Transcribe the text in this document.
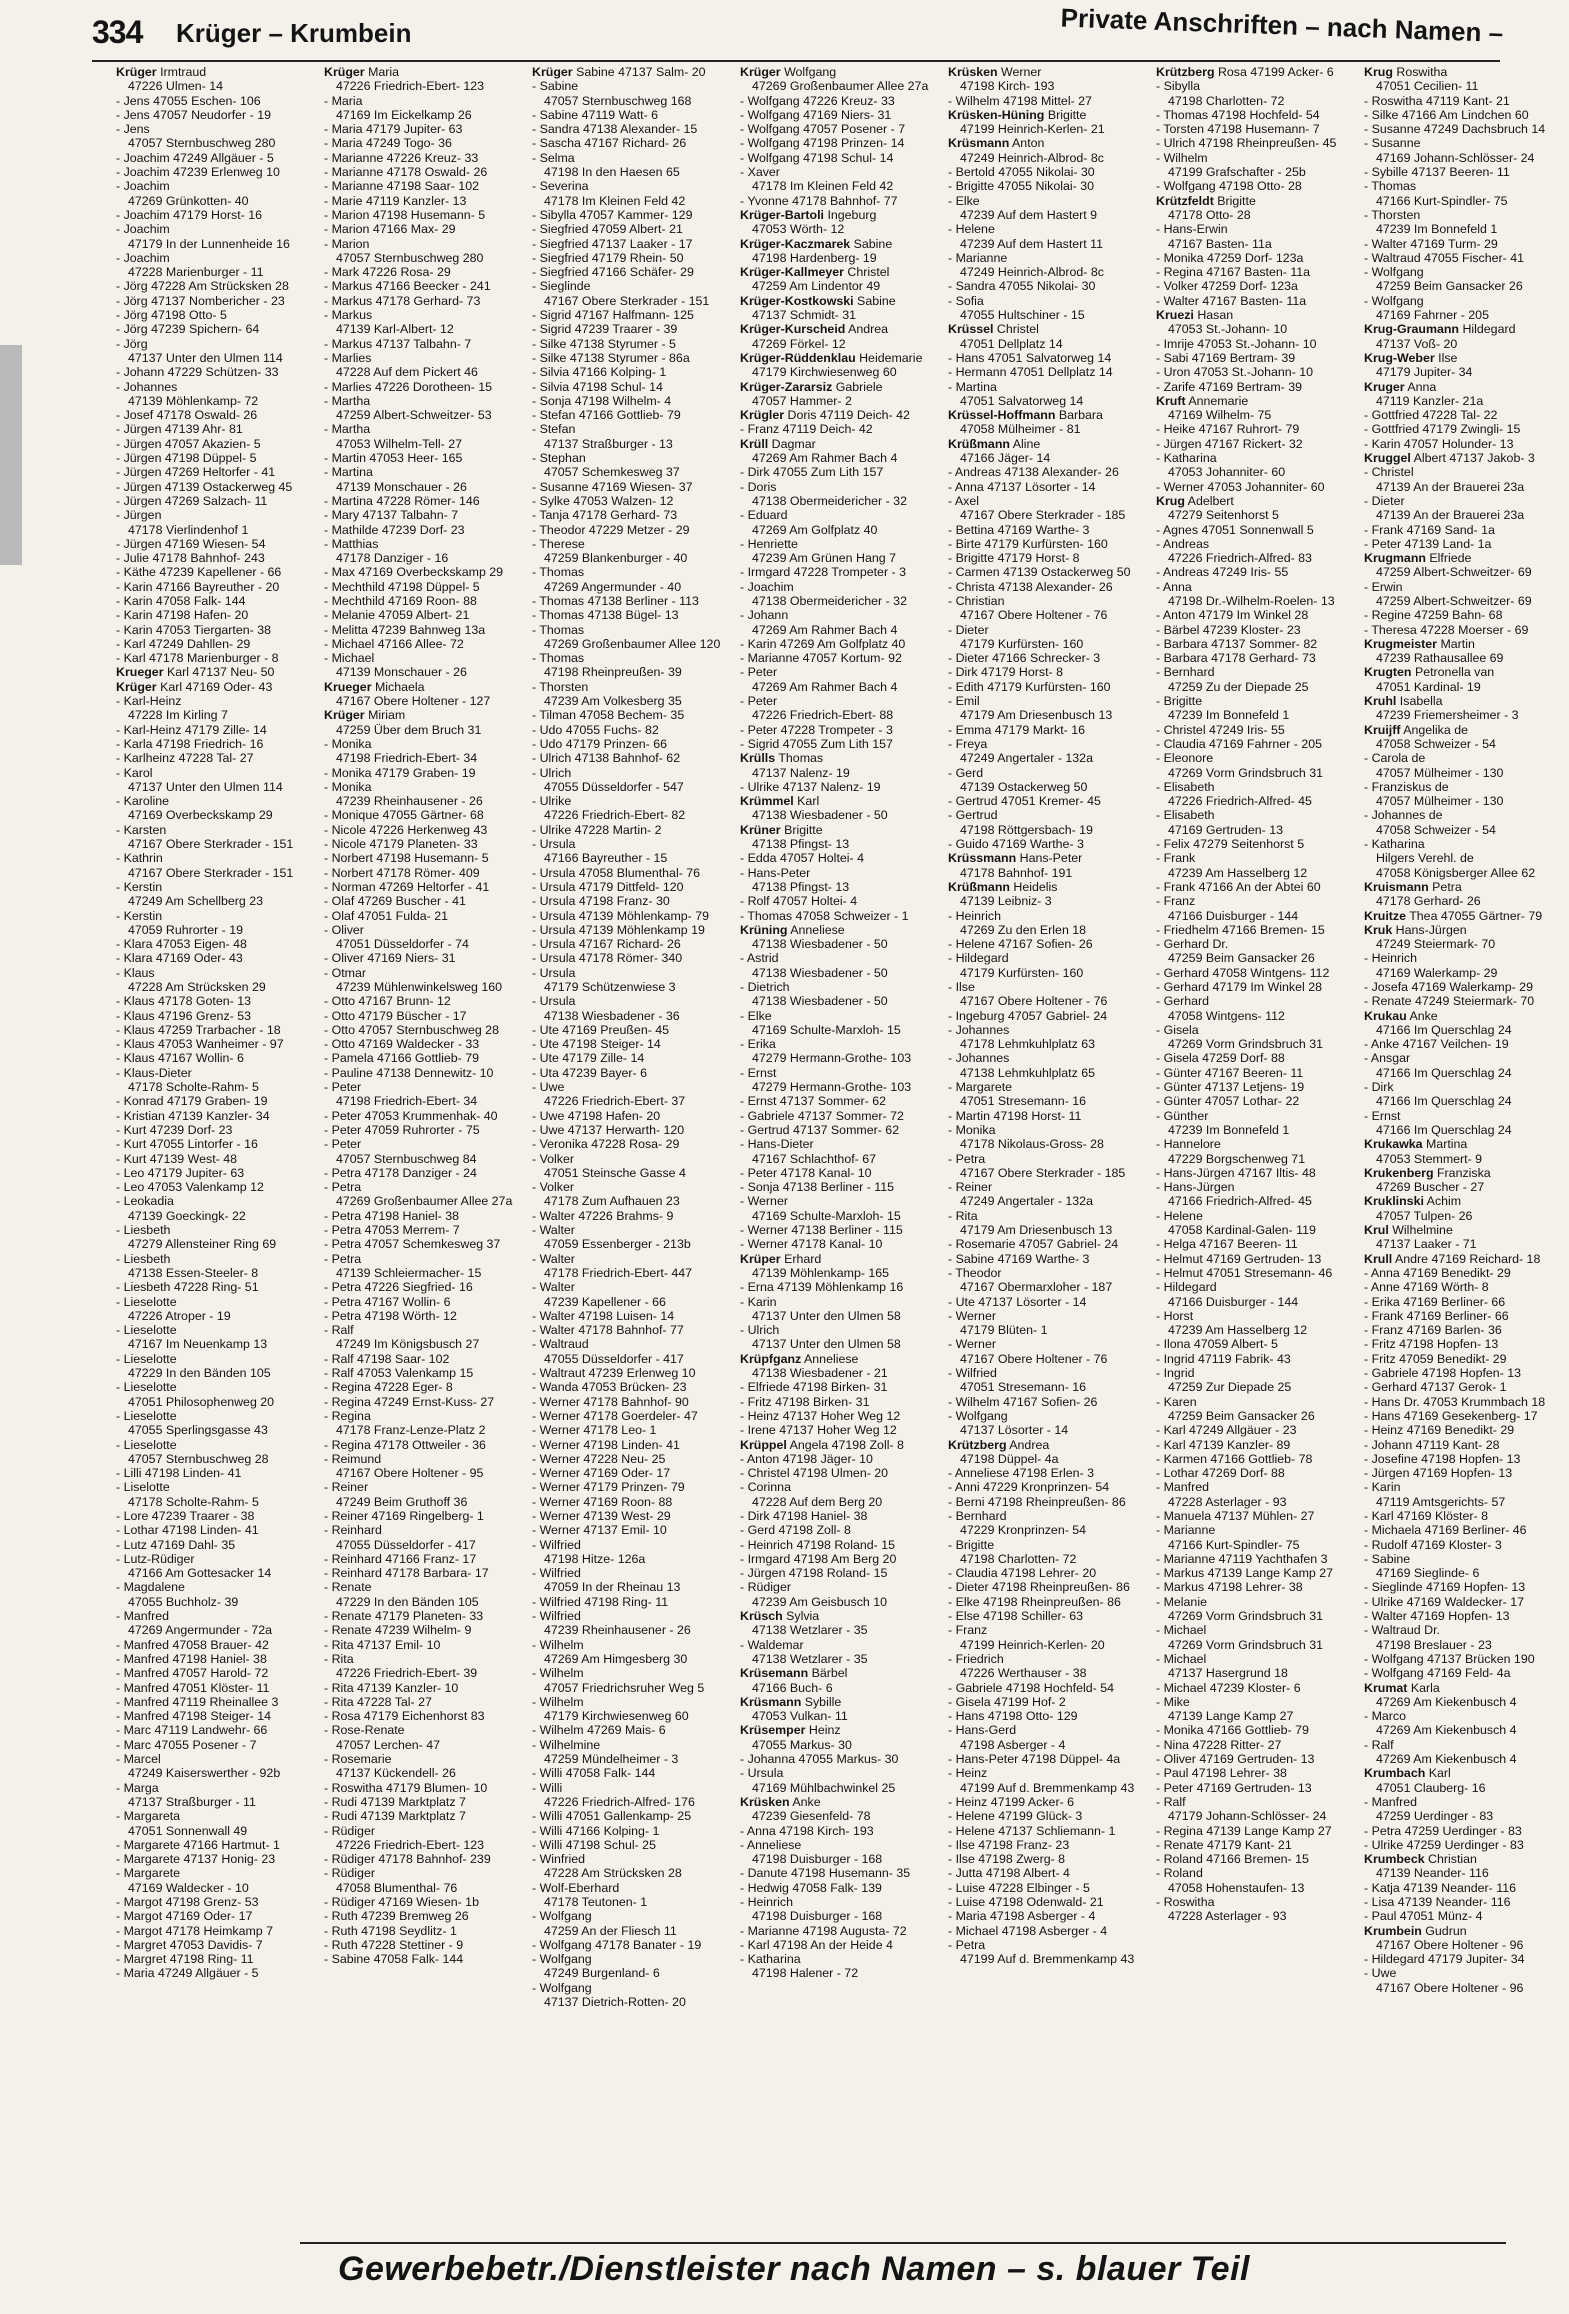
334 Krüger – Krumbein	Private Anschriften – nach Namen –
Krüger Irmtraud
47226 Ulmen- 14
- Jens 47055 Eschen- 106
- Jens 47057 Neudorfer - 19
- Jens
47057 Sternbuschweg 280
- Joachim 47249 Allgäuer - 5
- Joachim 47239 Erlenweg 10
- Joachim
47269 Grünkotten- 40
- Joachim 47179 Horst- 16
- Joachim
47179 In der Lunnenheide 16
- Joachim
47228 Marienburger - 11
- Jörg 47228 Am Strücksken 28
- Jörg 47137 Nombericher - 23
- Jörg 47198 Otto- 5
- Jörg 47239 Spichern- 64
- Jörg
47137 Unter den Ulmen 114
- Johann 47229 Schützen- 33
- Johannes
47139 Möhlenkamp- 72
- Josef 47178 Oswald- 26
- Jürgen 47139 Ahr- 81
- Jürgen 47057 Akazien- 5
- Jürgen 47198 Düppel- 5
- Jürgen 47269 Heltorfer - 41
- Jürgen 47139 Ostackerweg 45
- Jürgen 47269 Salzach- 11
- Jürgen
47178 Vierlindenhof 1
- Jürgen 47169 Wiesen- 54
- Julie 47178 Bahnhof- 243
- Käthe 47239 Kapellener - 66
- Karin 47166 Bayreuther - 20
- Karin 47058 Falk- 144
- Karin 47198 Hafen- 20
- Karin 47053 Tiergarten- 38
- Karl 47249 Dahllen- 29
- Karl 47178 Marienburger - 8
Krueger Karl 47137 Neu- 50
Krüger Karl 47169 Oder- 43
- Karl-Heinz
47228 Im Kirling 7
- Karl-Heinz 47179 Zille- 14
- Karla 47198 Friedrich- 16
- Karlheinz 47228 Tal- 27
- Karol
47137 Unter den Ulmen 114
- Karoline
47169 Overbeckskamp 29
- Karsten
47167 Obere Sterkrader - 151
- Kathrin
47167 Obere Sterkrader - 151
- Kerstin
47249 Am Schellberg 23
- Kerstin
47059 Ruhrorter - 19
- Klara 47053 Eigen- 48
- Klara 47169 Oder- 43
- Klaus
47228 Am Strücksken 29
- Klaus 47178 Goten- 13
- Klaus 47196 Grenz- 53
- Klaus 47259 Trarbacher - 18
- Klaus 47053 Wanheimer - 97
- Klaus 47167 Wollin- 6
- Klaus-Dieter
47178 Scholte-Rahm- 5
- Konrad 47179 Graben- 19
- Kristian 47139 Kanzler- 34
- Kurt 47239 Dorf- 23
- Kurt 47055 Lintorfer - 16
- Kurt 47139 West- 48
- Leo 47179 Jupiter- 63
- Leo 47053 Valenkamp 12
- Leokadia
47139 Goeckingk- 22
- Liesbeth
47279 Allensteiner Ring 69
- Liesbeth
47138 Essen-Steeler- 8
- Liesbeth 47228 Ring- 51
- Lieselotte
47226 Atroper - 19
- Lieselotte
47167 Im Neuenkamp 13
- Lieselotte
47229 In den Bänden 105
- Lieselotte
47051 Philosophenweg 20
- Lieselotte
47055 Sperlingsgasse 43
- Lieselotte
47057 Sternbuschweg 28
- Lilli 47198 Linden- 41
- Liselotte
47178 Scholte-Rahm- 5
- Lore 47239 Traarer - 38
- Lothar 47198 Linden- 41
- Lutz 47169 Dahl- 35
- Lutz-Rüdiger
47166 Am Gottesacker 14
- Magdalene
47055 Buchholz- 39
- Manfred
47269 Angermunder - 72a
- Manfred 47058 Brauer- 42
- Manfred 47198 Haniel- 38
- Manfred 47057 Harold- 72
- Manfred 47051 Klöster- 11
- Manfred 47119 Rheinallee 3
- Manfred 47198 Steiger- 14
- Marc 47119 Landwehr- 66
- Marc 47055 Posener - 7
- Marcel
47249 Kaiserswerther - 92b
- Marga
47137 Straßburger - 11
- Margareta
47051 Sonnenwall 49
- Margarete 47166 Hartmut- 1
- Margarete 47137 Honig- 23
- Margarete
47169 Waldecker - 10
- Margot 47198 Grenz- 53
- Margot 47169 Oder- 17
- Margot 47178 Heimkamp 7
- Margret 47053 Davidis- 7
- Margret 47198 Ring- 11
- Maria 47249 Allgäuer - 5
Krüger Maria
47226 Friedrich-Ebert- 123
- Maria
47169 Im Eickelkamp 26
- Maria 47179 Jupiter- 63
- Maria 47249 Togo- 36
- Marianne 47226 Kreuz- 33
- Marianne 47178 Oswald- 26
- Marianne 47198 Saar- 102
- Marie 47119 Kanzler- 13
- Marion 47198 Husemann- 5
- Marion 47166 Max- 29
- Marion
47057 Sternbuschweg 280
- Mark 47226 Rosa- 29
- Markus 47166 Beecker - 241
- Markus 47178 Gerhard- 73
- Markus
47139 Karl-Albert- 12
- Markus 47137 Talbahn- 7
- Marlies
47228 Auf dem Pickert 46
- Marlies 47226 Dorotheen- 15
- Martha
47259 Albert-Schweitzer- 53
- Martha
47053 Wilhelm-Tell- 27
- Martin 47053 Heer- 165
- Martina
47139 Monschauer - 26
- Martina 47228 Römer- 146
- Mary 47137 Talbahn- 7
- Mathilde 47239 Dorf- 23
- Matthias
47178 Danziger - 16
- Max 47169 Overbeckskamp 29
- Mechthild 47198 Düppel- 5
- Mechthild 47169 Roon- 88
- Melanie 47059 Albert- 21
- Melitta 47239 Bahnweg 13a
- Michael 47166 Allee- 72
- Michael
47139 Monschauer - 26
Krueger Michaela
47167 Obere Holtener - 127
Krüger Miriam
47259 Über dem Bruch 31
- Monika
47198 Friedrich-Ebert- 34
- Monika 47179 Graben- 19
- Monika
47239 Rheinhausener - 26
- Monique 47055 Gärtner- 68
- Nicole 47226 Herkenweg 43
- Nicole 47179 Planeten- 33
- Norbert 47198 Husemann- 5
- Norbert 47178 Römer- 409
- Norman 47269 Heltorfer - 41
- Olaf 47269 Buscher - 41
- Olaf 47051 Fulda- 21
- Oliver
47051 Düsseldorfer - 74
- Oliver 47169 Niers- 31
- Otmar
47239 Mühlenwinkelsweg 160
- Otto 47167 Brunn- 12
- Otto 47179 Büscher - 17
- Otto 47057 Sternbuschweg 28
- Otto 47169 Waldecker - 33
- Pamela 47166 Gottlieb- 79
- Pauline 47138 Dennewitz- 10
- Peter
47198 Friedrich-Ebert- 34
- Peter 47053 Krummenhak- 40
- Peter 47059 Ruhrorter - 75
- Peter
47057 Sternbuschweg 84
- Petra 47178 Danziger - 24
- Petra
47269 Großenbaumer Allee 27a
- Petra 47198 Haniel- 38
- Petra 47053 Merrem- 7
- Petra 47057 Schemkesweg 37
- Petra
47139 Schleiermacher- 15
- Petra 47226 Siegfried- 16
- Petra 47167 Wollin- 6
- Petra 47198 Wörth- 12
- Ralf
47249 Im Königsbusch 27
- Ralf 47198 Saar- 102
- Ralf 47053 Valenkamp 15
- Regina 47228 Eger- 8
- Regina 47249 Ernst-Kuss- 27
- Regina
47178 Franz-Lenze-Platz 2
- Regina 47178 Ottweiler - 36
- Reimund
47167 Obere Holtener - 95
- Reiner
47249 Beim Gruthoff 36
- Reiner 47169 Ringelberg- 1
- Reinhard
47055 Düsseldorfer - 417
- Reinhard 47166 Franz- 17
- Reinhard 47178 Barbara- 17
- Renate
47229 In den Bänden 105
- Renate 47179 Planeten- 33
- Renate 47239 Wilhelm- 9
- Rita 47137 Emil- 10
- Rita
47226 Friedrich-Ebert- 39
- Rita 47139 Kanzler- 10
- Rita 47228 Tal- 27
- Rosa 47179 Eichenhorst 83
- Rose-Renate
47057 Lerchen- 47
- Rosemarie
47137 Kückendell- 26
- Roswitha 47179 Blumen- 10
- Rudi 47139 Marktplatz 7
- Rudi 47139 Marktplatz 7
- Rüdiger
47226 Friedrich-Ebert- 123
- Rüdiger 47178 Bahnhof- 239
- Rüdiger
47058 Blumenthal- 76
- Rüdiger 47169 Wiesen- 1b
- Ruth 47239 Bremweg 26
- Ruth 47198 Seydlitz- 1
- Ruth 47228 Stettiner - 9
- Sabine 47058 Falk- 144
Krüger Sabine 47137 Salm- 20
- Sabine
47057 Sternbuschweg 168
- Sabine 47119 Watt- 6
- Sandra 47138 Alexander- 15
- Sascha 47167 Richard- 26
- Selma
47198 In den Haesen 65
- Severina
47178 Im Kleinen Feld 42
- Sibylla 47057 Kammer- 129
- Siegfried 47059 Albert- 21
- Siegfried 47137 Laaker - 17
- Siegfried 47179 Rhein- 50
- Siegfried 47166 Schäfer- 29
- Sieglinde
47167 Obere Sterkrader - 151
- Sigrid 47167 Halfmann- 125
- Sigrid 47239 Traarer - 39
- Silke 47138 Styrumer - 5
- Silke 47138 Styrumer - 86a
- Silvia 47166 Kolping- 1
- Silvia 47198 Schul- 14
- Sonja 47198 Wilhelm- 4
- Stefan 47166 Gottlieb- 79
- Stefan
47137 Straßburger - 13
- Stephan
47057 Schemkesweg 37
- Susanne 47169 Wiesen- 37
- Sylke 47053 Walzen- 12
- Tanja 47178 Gerhard- 73
- Theodor 47229 Metzer - 29
- Therese
47259 Blankenburger - 40
- Thomas
47269 Angermunder - 40
- Thomas 47138 Berliner - 113
- Thomas 47138 Bügel- 13
- Thomas
47269 Großenbaumer Allee 120
- Thomas
47198 Rheinpreußen- 39
- Thorsten
47239 Am Volkesberg 35
- Tilman 47058 Bechem- 35
- Udo 47055 Fuchs- 82
- Udo 47179 Prinzen- 66
- Ulrich 47138 Bahnhof- 62
- Ulrich
47055 Düsseldorfer - 547
- Ulrike
47226 Friedrich-Ebert- 82
- Ulrike 47228 Martin- 2
- Ursula
47166 Bayreuther - 15
- Ursula 47058 Blumenthal- 76
- Ursula 47179 Dittfeld- 120
- Ursula 47198 Franz- 30
- Ursula 47139 Möhlenkamp- 79
- Ursula 47139 Möhlenkamp 19
- Ursula 47167 Richard- 26
- Ursula 47178 Römer- 340
- Ursula
47179 Schützenwiese 3
- Ursula
47138 Wiesbadener - 36
- Ute 47169 Preußen- 45
- Ute 47198 Steiger- 14
- Ute 47179 Zille- 14
- Uta 47239 Bayer- 6
- Uwe
47226 Friedrich-Ebert- 37
- Uwe 47198 Hafen- 20
- Uwe 47137 Herwarth- 120
- Veronika 47228 Rosa- 29
- Volker
47051 Steinsche Gasse 4
- Volker
47178 Zum Aufhauen 23
- Walter 47226 Brahms- 9
- Walter
47059 Essenberger - 213b
- Walter
47178 Friedrich-Ebert- 447
- Walter
47239 Kapellener - 66
- Walter 47198 Luisen- 14
- Walter 47178 Bahnhof- 77
- Waltraud
47055 Düsseldorfer - 417
- Waltraut 47239 Erlenweg 10
- Wanda 47053 Brücken- 23
- Werner 47178 Bahnhof- 90
- Werner 47178 Goerdeler- 47
- Werner 47178 Leo- 1
- Werner 47198 Linden- 41
- Werner 47228 Neu- 25
- Werner 47169 Oder- 17
- Werner 47179 Prinzen- 79
- Werner 47169 Roon- 88
- Werner 47139 West- 29
- Werner 47137 Emil- 10
- Wilfried
47198 Hitze- 126a
- Wilfried
47059 In der Rheinau 13
- Wilfried 47198 Ring- 11
- Wilfried
47239 Rheinhausener - 26
- Wilhelm
47269 Am Himgesberg 30
- Wilhelm
47057 Friedrichsruher Weg 5
- Wilhelm
47179 Kirchwiesenweg 60
- Wilhelm 47269 Mais- 6
- Wilhelmine
47259 Mündelheimer - 3
- Willi 47058 Falk- 144
- Willi
47226 Friedrich-Alfred- 176
- Willi 47051 Gallenkamp- 25
- Willi 47166 Kolping- 1
- Willi 47198 Schul- 25
- Winfried
47228 Am Strücksken 28
- Wolf-Eberhard
47178 Teutonen- 1
- Wolfgang
47259 An der Fliesch 11
- Wolfgang 47178 Banater - 19
- Wolfgang
47249 Burgenland- 6
- Wolfgang
47137 Dietrich-Rotten- 20
Krüger Wolfgang
47269 Großenbaumer Allee 27a
- Wolfgang 47226 Kreuz- 33
- Wolfgang 47169 Niers- 31
- Wolfgang 47057 Posener - 7
- Wolfgang 47198 Prinzen- 14
- Wolfgang 47198 Schul- 14
- Xaver
47178 Im Kleinen Feld 42
- Yvonne 47178 Bahnhof- 77
Krüger-Bartoli Ingeburg
47053 Wörth- 12
Krüger-Kaczmarek Sabine
47198 Hardenberg- 19
Krüger-Kallmeyer Christel
47259 Am Lindentor 49
Krüger-Kostkowski Sabine
47137 Schmidt- 31
Krüger-Kurscheid Andrea
47269 Förkel- 12
Krüger-Rüddenklau Heidemarie
47179 Kirchwiesenweg 60
Krüger-Zararsiz Gabriele
47057 Hammer- 2
Krügler Doris 47119 Deich- 42
- Franz 47119 Deich- 42
Krüll Dagmar
47269 Am Rahmer Bach 4
- Dirk 47055 Zum Lith 157
- Doris
47138 Obermeidericher - 32
- Eduard
47269 Am Golfplatz 40
- Henriette
47239 Am Grünen Hang 7
- Irmgard 47228 Trompeter - 3
- Joachim
47138 Obermeidericher - 32
- Johann
47269 Am Rahmer Bach 4
- Karin 47269 Am Golfplatz 40
- Marianne 47057 Kortum- 92
- Peter
47269 Am Rahmer Bach 4
- Peter
47226 Friedrich-Ebert- 88
- Peter 47228 Trompeter - 3
- Sigrid 47055 Zum Lith 157
Krülls Thomas
47137 Nalenz- 19
- Ulrike 47137 Nalenz- 19
Krümmel Karl
47138 Wiesbadener - 50
Krüner Brigitte
47138 Pfingst- 13
- Edda 47057 Holtei- 4
- Hans-Peter
47138 Pfingst- 13
- Rolf 47057 Holtei- 4
- Thomas 47058 Schweizer - 1
Krüning Anneliese
47138 Wiesbadener - 50
- Astrid
47138 Wiesbadener - 50
- Dietrich
47138 Wiesbadener - 50
- Elke
47169 Schulte-Marxloh- 15
- Erika
47279 Hermann-Grothe- 103
- Ernst
47279 Hermann-Grothe- 103
- Ernst 47137 Sommer- 62
- Gabriele 47137 Sommer- 72
- Gertrud 47137 Sommer- 62
- Hans-Dieter
47167 Schlachthof- 67
- Peter 47178 Kanal- 10
- Sonja 47138 Berliner - 115
- Werner
47169 Schulte-Marxloh- 15
- Werner 47138 Berliner - 115
- Werner 47178 Kanal- 10
Krüper Erhard
47139 Möhlenkamp- 165
- Erna 47139 Möhlenkamp 16
- Karin
47137 Unter den Ulmen 58
- Ulrich
47137 Unter den Ulmen 58
Krüpfganz Anneliese
47138 Wiesbadener - 21
- Elfriede 47198 Birken- 31
- Fritz 47198 Birken- 31
- Heinz 47137 Hoher Weg 12
- Irene 47137 Hoher Weg 12
Krüppel Angela 47198 Zoll- 8
- Anton 47198 Jäger- 10
- Christel 47198 Ulmen- 20
- Corinna
47228 Auf dem Berg 20
- Dirk 47198 Haniel- 38
- Gerd 47198 Zoll- 8
- Heinrich 47198 Roland- 15
- Irmgard 47198 Am Berg 20
- Jürgen 47198 Roland- 15
- Rüdiger
47239 Am Geisbusch 10
Krüsch Sylvia
47138 Wetzlarer - 35
- Waldemar
47138 Wetzlarer - 35
Krüsemann Bärbel
47166 Buch- 6
Krüsmann Sybille
47053 Vulkan- 11
Krüsemper Heinz
47055 Markus- 30
- Johanna 47055 Markus- 30
- Ursula
47169 Mühlbachwinkel 25
Krüsken Anke
47239 Giesenfeld- 78
- Anna 47198 Kirch- 193
- Anneliese
47198 Duisburger - 168
- Danute 47198 Husemann- 35
- Hedwig 47058 Falk- 139
- Heinrich
47198 Duisburger - 168
- Marianne 47198 Augusta- 72
- Karl 47198 An der Heide 4
- Katharina
47198 Halener - 72
Krüsken Werner
47198 Kirch- 193
- Wilhelm 47198 Mittel- 27
Krüsken-Hüning Brigitte
47199 Heinrich-Kerlen- 21
Krüsmann Anton
47249 Heinrich-Albrod- 8c
- Bertold 47055 Nikolai- 30
- Brigitte 47055 Nikolai- 30
- Elke
47239 Auf dem Hastert 9
- Helene
47239 Auf dem Hastert 11
- Marianne
47249 Heinrich-Albrod- 8c
- Sandra 47055 Nikolai- 30
- Sofia
47055 Hultschiner - 15
Krüssel Christel
47051 Dellplatz 14
- Hans 47051 Salvatorweg 14
- Hermann 47051 Dellplatz 14
- Martina
47051 Salvatorweg 14
Krüssel-Hoffmann Barbara
47058 Mülheimer - 81
Krüßmann Aline
47166 Jäger- 14
- Andreas 47138 Alexander- 26
- Anna 47137 Lösorter - 14
- Axel
47167 Obere Sterkrader - 185
- Bettina 47169 Warthe- 3
- Birte 47179 Kurfürsten- 160
- Brigitte 47179 Horst- 8
- Carmen 47139 Ostackerweg 50
- Christa 47138 Alexander- 26
- Christian
47167 Obere Holtener - 76
- Dieter
47179 Kurfürsten- 160
- Dieter 47166 Schrecker- 3
- Dirk 47179 Horst- 8
- Edith 47179 Kurfürsten- 160
- Emil
47179 Am Driesenbusch 13
- Emma 47179 Markt- 16
- Freya
47249 Angertaler - 132a
- Gerd
47139 Ostackerweg 50
- Gertrud 47051 Kremer- 45
- Gertrud
47198 Röttgersbach- 19
- Guido 47169 Warthe- 3
Krüssmann Hans-Peter
47178 Bahnhof- 191
Krüßmann Heidelis
47139 Leibniz- 3
- Heinrich
47269 Zu den Erlen 18
- Helene 47167 Sofien- 26
- Hildegard
47179 Kurfürsten- 160
- Ilse
47167 Obere Holtener - 76
- Ingeburg 47057 Gabriel- 24
- Johannes
47178 Lehmkuhlplatz 63
- Johannes
47138 Lehmkuhlplatz 65
- Margarete
47051 Stresemann- 16
- Martin 47198 Horst- 11
- Monika
47178 Nikolaus-Gross- 28
- Petra
47167 Obere Sterkrader - 185
- Reiner
47249 Angertaler - 132a
- Rita
47179 Am Driesenbusch 13
- Rosemarie 47057 Gabriel- 24
- Sabine 47169 Warthe- 3
- Theodor
47167 Obermarxloher - 187
- Ute 47137 Lösorter - 14
- Werner
47179 Blüten- 1
- Werner
47167 Obere Holtener - 76
- Wilfried
47051 Stresemann- 16
- Wilhelm 47167 Sofien- 26
- Wolfgang
47137 Lösorter - 14
Krützberg Andrea
47198 Düppel- 4a
- Anneliese 47198 Erlen- 3
- Anni 47229 Kronprinzen- 54
- Berni 47198 Rheinpreußen- 86
- Bernhard
47229 Kronprinzen- 54
- Brigitte
47198 Charlotten- 72
- Claudia 47198 Lehrer- 20
- Dieter 47198 Rheinpreußen- 86
- Elke 47198 Rheinpreußen- 86
- Else 47198 Schiller- 63
- Franz
47199 Heinrich-Kerlen- 20
- Friedrich
47226 Werthauser - 38
- Gabriele 47198 Hochfeld- 54
- Gisela 47199 Hof- 2
- Hans 47198 Otto- 129
- Hans-Gerd
47198 Asberger - 4
- Hans-Peter 47198 Düppel- 4a
- Heinz
47199 Auf d. Bremmenkamp 43
- Heinz 47199 Acker- 6
- Helene 47199 Glück- 3
- Helene 47137 Schliemann- 1
- Ilse 47198 Franz- 23
- Ilse 47198 Zwerg- 8
- Jutta 47198 Albert- 4
- Luise 47228 Elbinger - 5
- Luise 47198 Odenwald- 21
- Maria 47198 Asberger - 4
- Michael 47198 Asberger - 4
- Petra
47199 Auf d. Bremmenkamp 43
Krützberg Rosa 47199 Acker- 6
- Sibylla
47198 Charlotten- 72
- Thomas 47198 Hochfeld- 54
- Torsten 47198 Husemann- 7
- Ulrich 47198 Rheinpreußen- 45
- Wilhelm
47199 Grafschafter - 25b
- Wolfgang 47198 Otto- 28
Krützfeldt Brigitte
47178 Otto- 28
- Hans-Erwin
47167 Basten- 11a
- Monika 47259 Dorf- 123a
- Regina 47167 Basten- 11a
- Volker 47259 Dorf- 123a
- Walter 47167 Basten- 11a
Kruezi Hasan
47053 St.-Johann- 10
- Imrije 47053 St.-Johann- 10
- Sabi 47169 Bertram- 39
- Uron 47053 St.-Johann- 10
- Zarife 47169 Bertram- 39
Kruft Annemarie
47169 Wilhelm- 75
- Heike 47167 Ruhrort- 79
- Jürgen 47167 Rickert- 32
- Katharina
47053 Johanniter- 60
- Werner 47053 Johanniter- 60
Krug Adelbert
47279 Seitenhorst 5
- Agnes 47051 Sonnenwall 5
- Andreas
47226 Friedrich-Alfred- 83
- Andreas 47249 Iris- 55
- Anna
47198 Dr.-Wilhelm-Roelen- 13
- Anton 47179 Im Winkel 28
- Bärbel 47239 Kloster- 23
- Barbara 47137 Sommer- 82
- Barbara 47178 Gerhard- 73
- Bernhard
47259 Zu der Diepade 25
- Brigitte
47239 Im Bonnefeld 1
- Christel 47249 Iris- 55
- Claudia 47169 Fahrner - 205
- Eleonore
47269 Vorm Grindsbruch 31
- Elisabeth
47226 Friedrich-Alfred- 45
- Elisabeth
47169 Gertruden- 13
- Felix 47279 Seitenhorst 5
- Frank
47239 Am Hasselberg 12
- Frank 47166 An der Abtei 60
- Franz
47166 Duisburger - 144
- Friedhelm 47166 Bremen- 15
- Gerhard Dr.
47259 Beim Gansacker 26
- Gerhard 47058 Wintgens- 112
- Gerhard 47179 Im Winkel 28
- Gerhard
47058 Wintgens- 112
- Gisela
47269 Vorm Grindsbruch 31
- Gisela 47259 Dorf- 88
- Günter 47167 Beeren- 11
- Günter 47137 Letjens- 19
- Günter 47057 Lothar- 22
- Günther
47239 Im Bonnefeld 1
- Hannelore
47229 Borgschenweg 71
- Hans-Jürgen 47167 Iltis- 48
- Hans-Jürgen
47166 Friedrich-Alfred- 45
- Helene
47058 Kardinal-Galen- 119
- Helga 47167 Beeren- 11
- Helmut 47169 Gertruden- 13
- Helmut 47051 Stresemann- 46
- Hildegard
47166 Duisburger - 144
- Horst
47239 Am Hasselberg 12
- Ilona 47059 Albert- 5
- Ingrid 47119 Fabrik- 43
- Ingrid
47259 Zur Diepade 25
- Karen
47259 Beim Gansacker 26
- Karl 47249 Allgäuer - 23
- Karl 47139 Kanzler- 89
- Karmen 47166 Gottlieb- 78
- Lothar 47269 Dorf- 88
- Manfred
47228 Asterlager - 93
- Manuela 47137 Mühlen- 27
- Marianne
47166 Kurt-Spindler- 75
- Marianne 47119 Yachthafen 3
- Markus 47139 Lange Kamp 27
- Markus 47198 Lehrer- 38
- Melanie
47269 Vorm Grindsbruch 31
- Michael
47269 Vorm Grindsbruch 31
- Michael
47137 Hasergrund 18
- Michael 47239 Kloster- 6
- Mike
47139 Lange Kamp 27
- Monika 47166 Gottlieb- 79
- Nina 47228 Ritter- 27
- Oliver 47169 Gertruden- 13
- Paul 47198 Lehrer- 38
- Peter 47169 Gertruden- 13
- Ralf
47179 Johann-Schlösser- 24
- Regina 47139 Lange Kamp 27
- Renate 47179 Kant- 21
- Roland 47166 Bremen- 15
- Roland
47058 Hohenstaufen- 13
- Roswitha
47228 Asterlager - 93
Krug Roswitha
47051 Cecilien- 11
- Roswitha 47119 Kant- 21
- Silke 47166 Am Lindchen 60
- Susanne 47249 Dachsbruch 14
- Susanne
47169 Johann-Schlösser- 24
- Sybille 47137 Beeren- 11
- Thomas
47166 Kurt-Spindler- 75
- Thorsten
47239 Im Bonnefeld 1
- Walter 47169 Turm- 29
- Waltraud 47055 Fischer- 41
- Wolfgang
47259 Beim Gansacker 26
- Wolfgang
47169 Fahrner - 205
Krug-Graumann Hildegard
47137 Voß- 20
Krug-Weber Ilse
47179 Jupiter- 34
Kruger Anna
47119 Kanzler- 21a
- Gottfried 47228 Tal- 22
- Gottfried 47179 Zwingli- 15
- Karin 47057 Holunder- 13
Kruggel Albert 47137 Jakob- 3
- Christel
47139 An der Brauerei 23a
- Dieter
47139 An der Brauerei 23a
- Frank 47169 Sand- 1a
- Peter 47139 Land- 1a
Krugmann Elfriede
47259 Albert-Schweitzer- 69
- Erwin
47259 Albert-Schweitzer- 69
- Regine 47259 Bahn- 68
- Theresa 47228 Moerser - 69
Krugmeister Martin
47239 Rathausallee 69
Krugten Petronella van
47051 Kardinal- 19
Kruhl Isabella
47239 Friemersheimer - 3
Kruijff Angelika de
47058 Schweizer - 54
- Carola de
47057 Mülheimer - 130
- Franziskus de
47057 Mülheimer - 130
- Johannes de
47058 Schweizer - 54
- Katharina
Hilgers Verehl. de
47058 Königsberger Allee 62
Kruismann Petra
47178 Gerhard- 26
Kruitze Thea 47055 Gärtner- 79
Kruk Hans-Jürgen
47249 Steiermark- 70
- Heinrich
47169 Walerkamp- 29
- Josefa 47169 Walerkamp- 29
- Renate 47249 Steiermark- 70
Krukau Anke
47166 Im Querschlag 24
- Anke 47167 Veilchen- 19
- Ansgar
47166 Im Querschlag 24
- Dirk
47166 Im Querschlag 24
- Ernst
47166 Im Querschlag 24
Krukawka Martina
47053 Stemmert- 9
Krukenberg Franziska
47269 Buscher - 27
Kruklinski Achim
47057 Tulpen- 26
Krul Wilhelmine
47137 Laaker - 71
Krull Andre 47169 Reichard- 18
- Anna 47169 Benedikt- 29
- Anne 47169 Wörth- 8
- Erika 47169 Berliner- 66
- Frank 47169 Berliner- 66
- Franz 47169 Barlen- 36
- Fritz 47198 Hopfen- 13
- Fritz 47059 Benedikt- 29
- Gabriele 47198 Hopfen- 13
- Gerhard 47137 Gerok- 1
- Hans Dr. 47053 Krummbach 18
- Hans 47169 Gesekenberg- 17
- Heinz 47169 Benedikt- 29
- Johann 47119 Kant- 28
- Josefine 47198 Hopfen- 13
- Jürgen 47169 Hopfen- 13
- Karin
47119 Amtsgerichts- 57
- Karl 47169 Klöster- 8
- Michaela 47169 Berliner- 46
- Rudolf 47169 Kloster- 3
- Sabine
47169 Sieglinde- 6
- Sieglinde 47169 Hopfen- 13
- Ulrike 47169 Waldecker- 17
- Walter 47169 Hopfen- 13
- Waltraud Dr.
47198 Breslauer - 23
- Wolfgang 47137 Brücken 190
- Wolfgang 47169 Feld- 4a
Krumat Karla
47269 Am Kiekenbusch 4
- Marco
47269 Am Kiekenbusch 4
- Ralf
47269 Am Kiekenbusch 4
Krumbach Karl
47051 Clauberg- 16
- Manfred
47259 Uerdinger - 83
- Petra 47259 Uerdinger - 83
- Ulrike 47259 Uerdinger - 83
Krumbeck Christian
47139 Neander- 116
- Katja 47139 Neander- 116
- Lisa 47139 Neander- 116
- Paul 47051 Münz- 4
Krumbein Gudrun
47167 Obere Holtener - 96
- Hildegard 47179 Jupiter- 34
- Uwe
47167 Obere Holtener - 96
Gewerbebetr./Dienstleister nach Namen – s. blauer Teil
